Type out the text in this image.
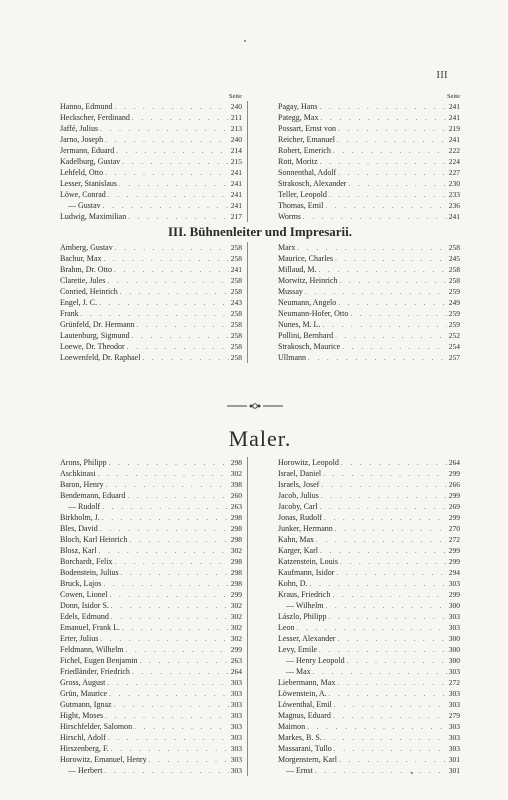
III
Seite
Hanno, Edmund . . .	240
Heckscher, Ferdinand . . .	211
Jaffé, Julius . . .	213
Jarno, Joseph . . .	240
Jermann, Eduard . . .	214
Kadelburg, Gustav . . .	215
Lehfeld, Otto . . .	241
Lesser, Stanislaus . . .	241
Löwe, Conrad . . .	241
— Gustav . . .	241
Ludwig, Maximilian . . .	217
Seite
Pagay, Hans . . .	241
Pategg, Max . . .	241
Possart, Ernst von . . .	219
Reicher, Emanuel . . .	241
Robert, Emerich . . .	222
Rott, Moritz . . .	224
Sonnenthal, Adolf . . .	227
Strakosch, Alexander . . .	230
Teller, Leopold . . .	233
Thomas, Emil . . .	236
Worms . . .	241
III. Bühnenleiter und Impresarii.
Amberg, Gustav . . .	258
Bachur, Max . . .	258
Brahm, Dr. Otto . . .	241
Claretie, Jules . . .	258
Conried, Heinrich . . .	258
Engel, J. C. . . .	243
Frank . . .	258
Grünfeld, Dr. Hermann . . .	258
Lautenburg, Sigmund . . .	258
Loewe, Dr. Theodor . . .	258
Loewenfeld, Dr. Raphael . . .	258
Marx . . .	258
Maurice, Charles . . .	245
Millaud, M. . . .	258
Morwitz, Heinrich . . .	258
Mussay . . .	259
Neumann, Angelo . . .	249
Neumann-Hofer, Otto . . .	259
Nunes, M. L. . . .	259
Pollini, Bernhard . . .	252
Strakosch, Maurice . . .	254
Ullmann . . .	257
Maler.
Arons, Philipp . . .	298
Aschkinasi . . .	302
Baron, Henry . . .	398
Bendemann, Eduard . . .	260
— Rudolf . . .	263
Birkholm, J. . . .	298
Bles, David . . .	298
Bloch, Karl Heinrich . . .	298
Blosz, Karl . . .	302
Borchardt, Felix . . .	298
Bodenstein, Julius . . .	298
Bruck, Lajos . . .	298
Cowen, Lionel . . .	299
Donn, Isidor S. . . .	302
Edels, Edmund . . .	302
Emanuel, Frank L. . . .	302
Erter, Julius . . .	302
Feldmann, Wilhelm . . .	299
Fichel, Eugen Benjamin . . .	263
Friedländer, Friedrich . . .	264
Gross, August . . .	303
Grün, Maurice . . .	303
Gutmann, Ignaz . . .	303
Hight, Moses . . .	303
Hirschfelder, Salomon . . .	303
Hirschl, Adolf . . .	303
Hirszenberg, F. . . .	303
Horowitz, Emanuel, Henry . . .	303
— Herbert . . .	303
Horowitz, Leopold . . .	264
Israel, Daniel . . .	299
Israels, Josef . . .	266
Jacob, Julius . . .	299
Jacoby, Carl . . .	269
Jonas, Rudolf . . .	299
Junker, Hermann . . .	270
Kahn, Max . . .	272
Karger, Karl . . .	299
Katzenstein, Louis . . .	299
Kaufmann, Isidor . . .	294
Kohn, D. . . .	303
Kraus, Friedrich . . .	299
— Wilhelm . . .	300
Lászlo, Philipp . . .	303
Leon . . .	303
Lesser, Alexander . . .	300
Levy, Emile . . .	300
— Henry Leopold . . .	300
— Max . . .	303
Liebermann, Max . . .	272
Löwenstein, A. . . .	303
Löwenthal, Emil . . .	303
Magnus, Eduard . . .	279
Maimon . . .	303
Markes, B. S. . . .	303
Massarani, Tullo . . .	303
Morgenstern, Karl . . .	301
— Ernst . . .	301
